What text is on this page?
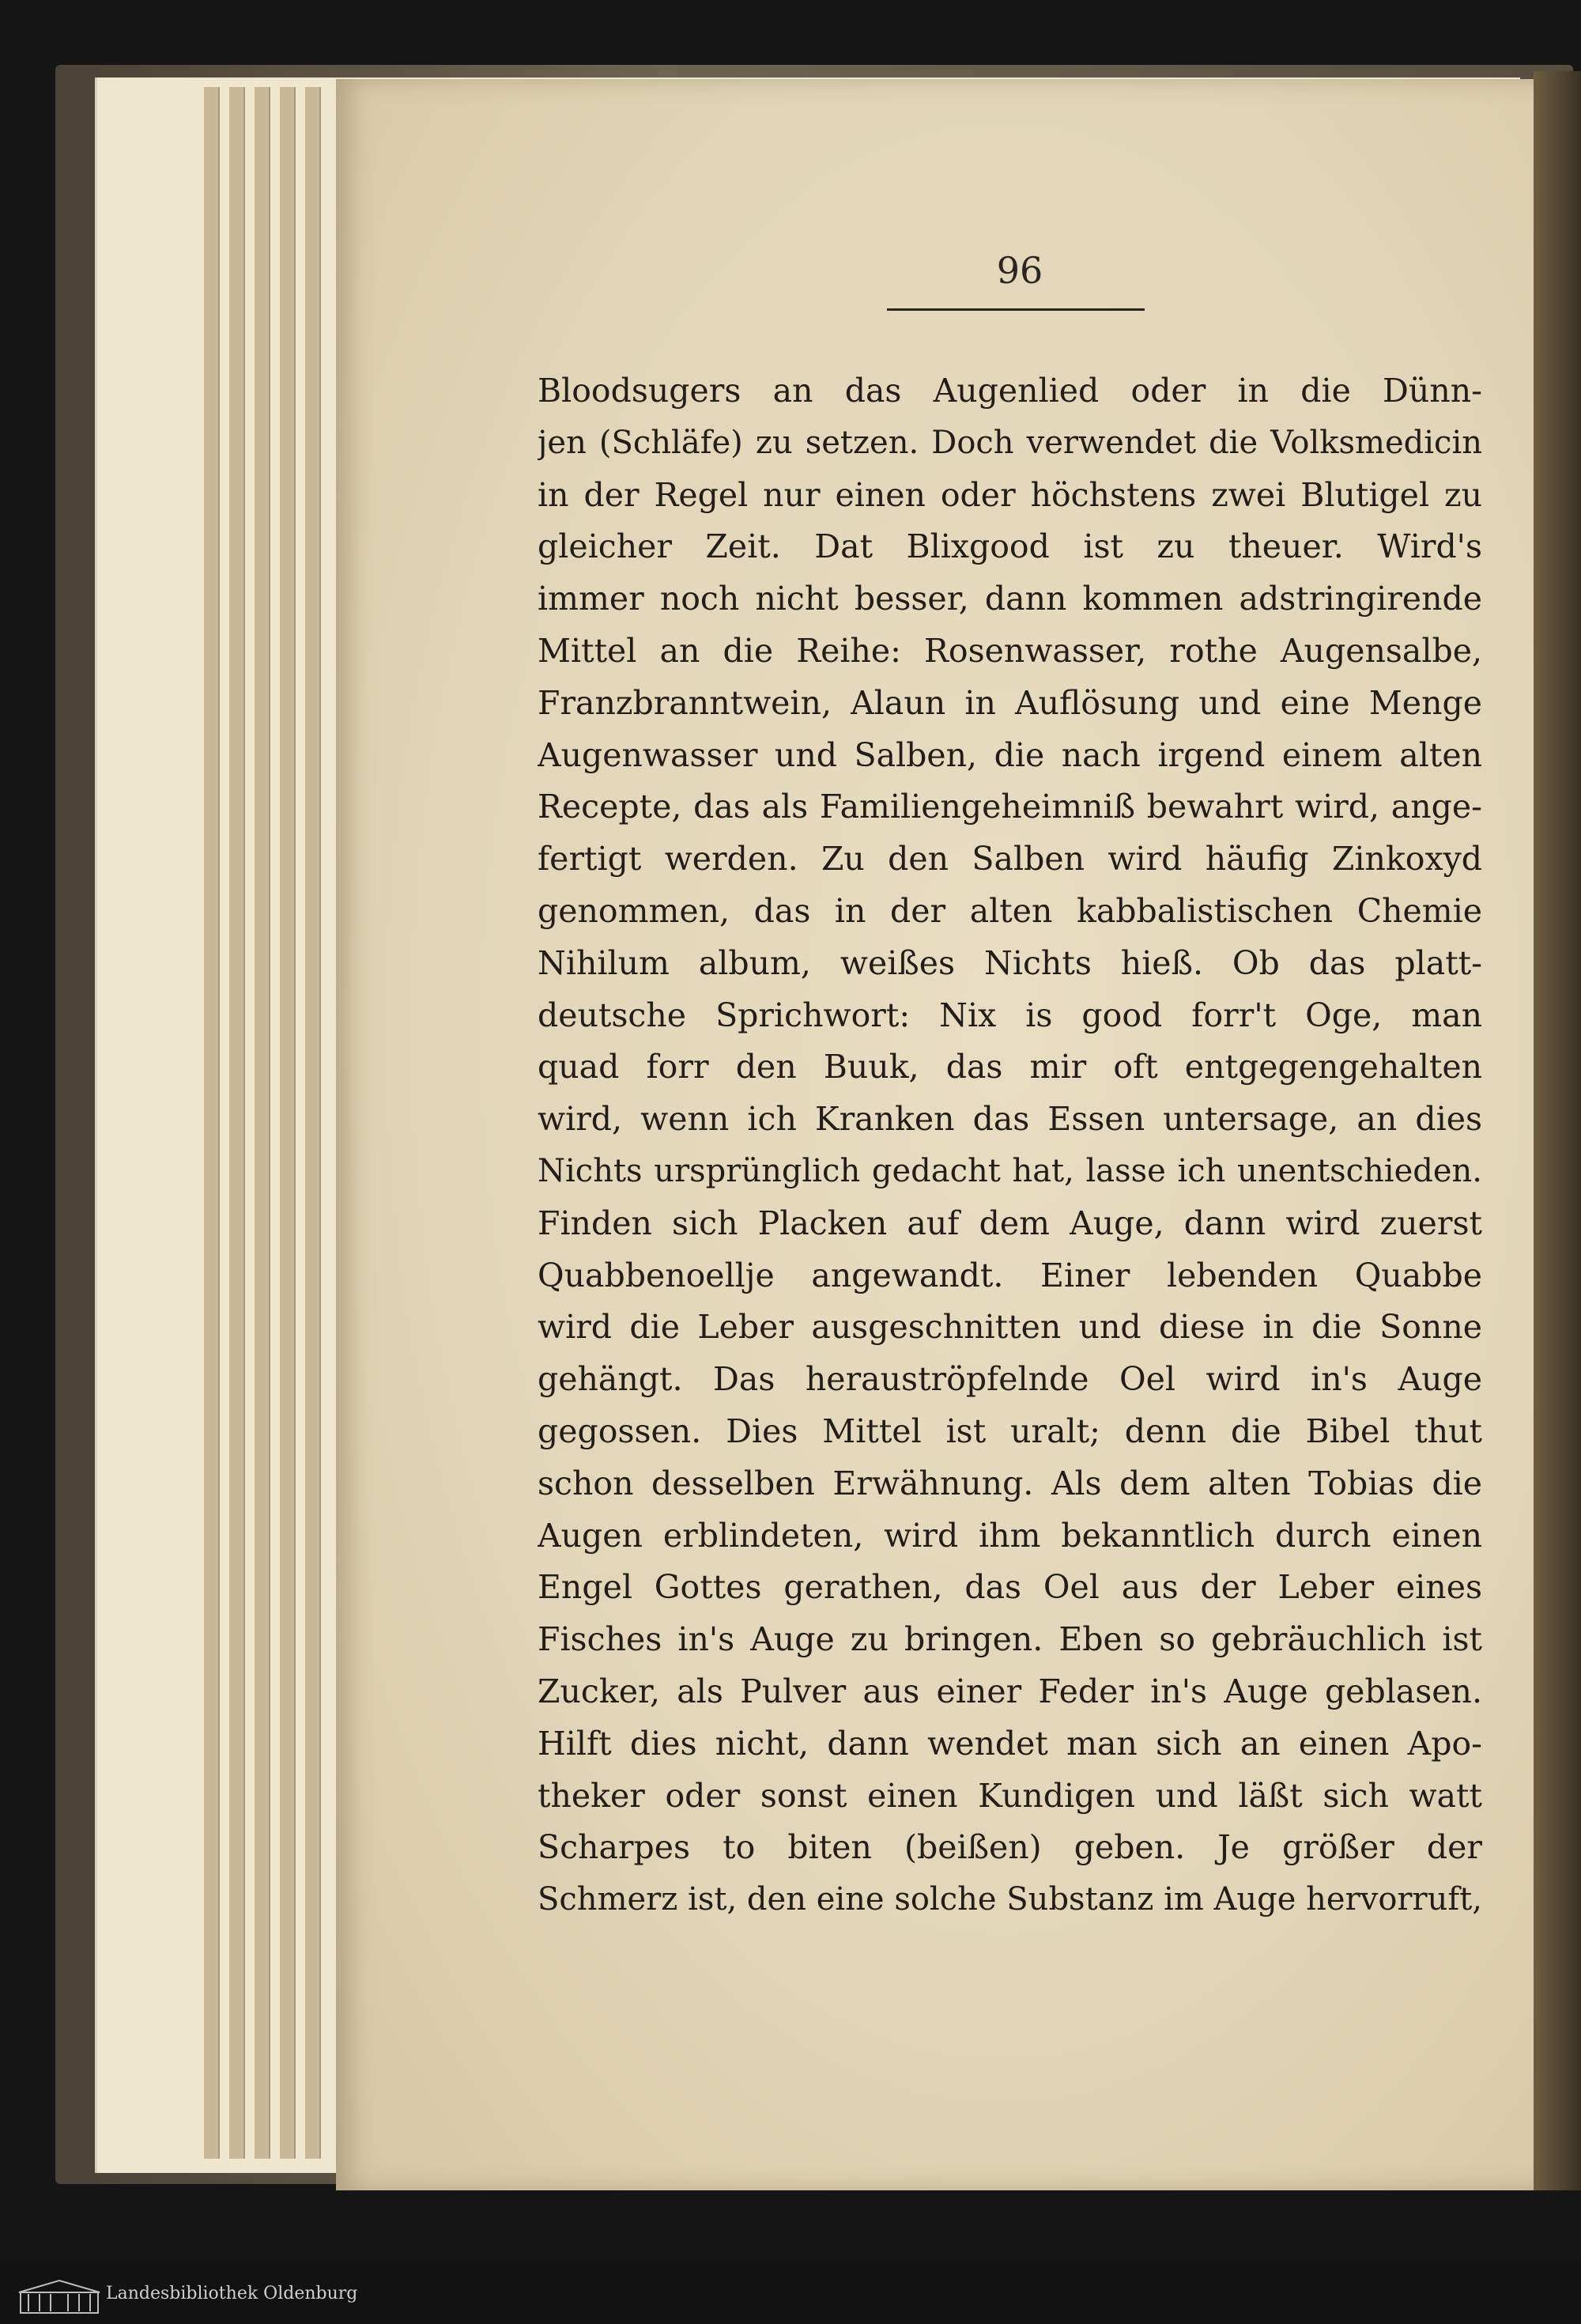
96
Bloodsugers an das Augenlied oder in die Dünn-
jen (Schläfe) zu setzen. Doch verwendet die Volksmedicin
in der Regel nur einen oder höchstens zwei Blutigel zu
gleicher Zeit. Dat Blixgood ist zu theuer. Wird's
immer noch nicht besser, dann kommen adstringirende
Mittel an die Reihe: Rosenwasser, rothe Augensalbe,
Franzbranntwein, Alaun in Auflösung und eine Menge
Augenwasser und Salben, die nach irgend einem alten
Recepte, das als Familiengeheimniß bewahrt wird, ange-
fertigt werden. Zu den Salben wird häufig Zinkoxyd
genommen, das in der alten kabbalistischen Chemie
Nihilum album, weißes Nichts hieß. Ob das platt-
deutsche Sprichwort: Nix is good forr't Oge, man
quad forr den Buuk, das mir oft entgegengehalten
wird, wenn ich Kranken das Essen untersage, an dies
Nichts ursprünglich gedacht hat, lasse ich unentschieden.
Finden sich Placken auf dem Auge, dann wird zuerst
Quabbenoellje angewandt. Einer lebenden Quabbe
wird die Leber ausgeschnitten und diese in die Sonne
gehängt. Das herauströpfelnde Oel wird in's Auge
gegossen. Dies Mittel ist uralt; denn die Bibel thut
schon desselben Erwähnung. Als dem alten Tobias die
Augen erblindeten, wird ihm bekanntlich durch einen
Engel Gottes gerathen, das Oel aus der Leber eines
Fisches in's Auge zu bringen. Eben so gebräuchlich ist
Zucker, als Pulver aus einer Feder in's Auge geblasen.
Hilft dies nicht, dann wendet man sich an einen Apo-
theker oder sonst einen Kundigen und läßt sich watt
Scharpes to biten (beißen) geben. Je größer der
Schmerz ist, den eine solche Substanz im Auge hervorruft,
Landesbibliothek Oldenburg
